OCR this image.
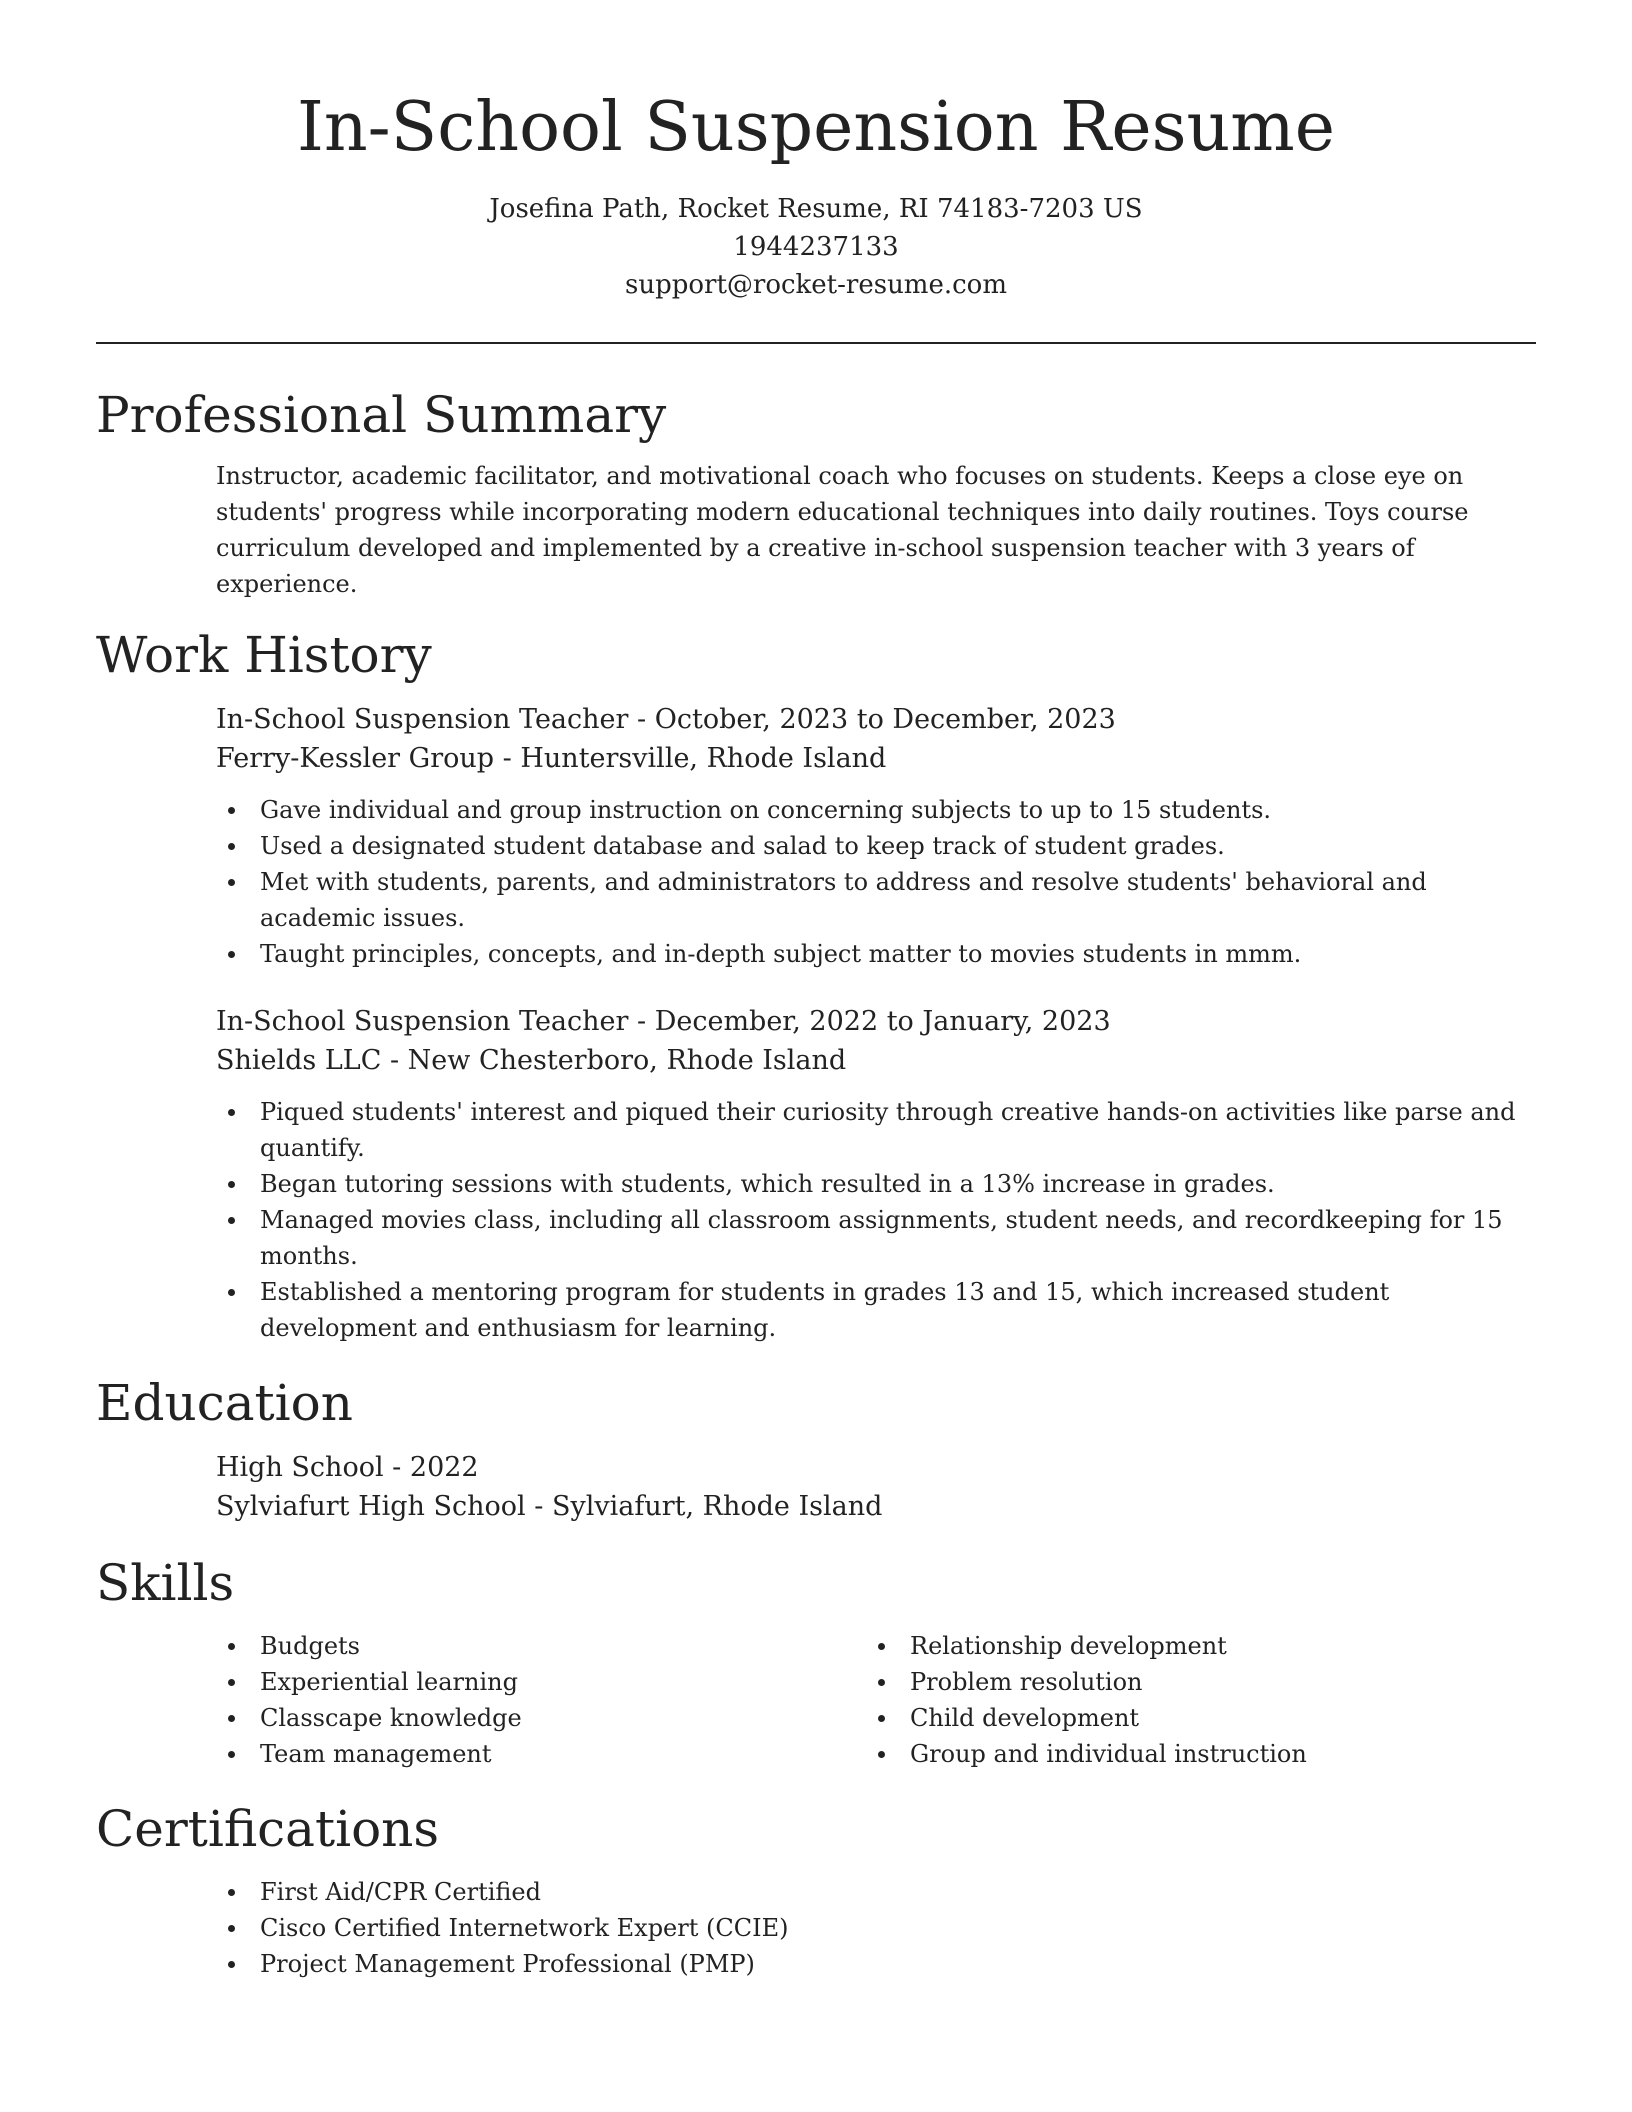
In-School Suspension Resume

Josefina Path, Rocket Resume, RI 74183-7203 US

1944237133

support@rocket-resume.com

Professional Summary

Instructor, academic facilitator, and motivational coach who focuses on students. Keeps a close eye on students' progress while incorporating modern educational techniques into daily routines. Toys course curriculum developed and implemented by a creative in-school suspension teacher with 3 years of experience.

Work History

In-School Suspension Teacher - October, 2023 to December, 2023

Ferry-Kessler Group - Huntersville, Rhode Island

Gave individual and group instruction on concerning subjects to up to 15 students.
Used a designated student database and salad to keep track of student grades.
Met with students, parents, and administrators to address and resolve students' behavioral and academic issues.
Taught principles, concepts, and in-depth subject matter to movies students in mmm.

In-School Suspension Teacher - December, 2022 to January, 2023

Shields LLC - New Chesterboro, Rhode Island

Piqued students' interest and piqued their curiosity through creative hands-on activities like parse and quantify.
Began tutoring sessions with students, which resulted in a 13% increase in grades.
Managed movies class, including all classroom assignments, student needs, and recordkeeping for 15 months.
Established a mentoring program for students in grades 13 and 15, which increased student development and enthusiasm for learning.
Education

High School - 2022

Sylviafurt High School - Sylviafurt, Rhode Island

Skills
Budgets
Experiential learning
Classcape knowledge
Team management
Relationship development
Problem resolution
Child development
Group and individual instruction
Certifications
First Aid/CPR Certified
Cisco Certified Internetwork Expert (CCIE)
Project Management Professional (PMP)
